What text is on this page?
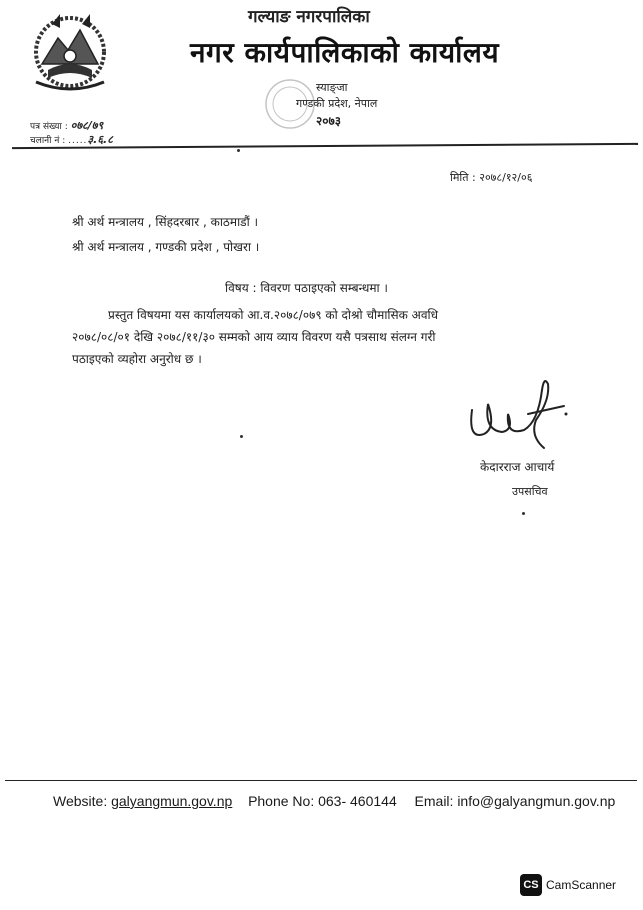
गल्याङ नगरपालिका
नगर कार्यपालिकाको कार्यालय
स्याङ्जा
गण्डकी प्रदेश, नेपाल
२०७३
पत्र संख्या : ०७८/७९
चलानी नं : .....३.६.८
मिति : २०७८/१२/०६
श्री अर्थ मन्त्रालय , सिंहदरबार , काठमाडौं ।
श्री अर्थ मन्त्रालय , गण्डकी प्रदेश , पोखरा ।
विषय : विवरण पठाइएको सम्बन्धमा ।

प्रस्तुत विषयमा यस कार्यालयको आ.व.२०७८/०७९ को दोश्रो चौमासिक अवधि

२०७८/०८/०१ देखि २०७८/११/३० सम्मको आय व्याय विवरण यसै पत्रसाथ संलग्न गरी

पठाइएको व्यहोरा अनुरोध छ ।

केदारराज आचार्य
उपसचिव
Website: galyangmun.gov.np Phone No: 063- 460144 Email: info@galyangmun.gov.np
CS CamScanner
